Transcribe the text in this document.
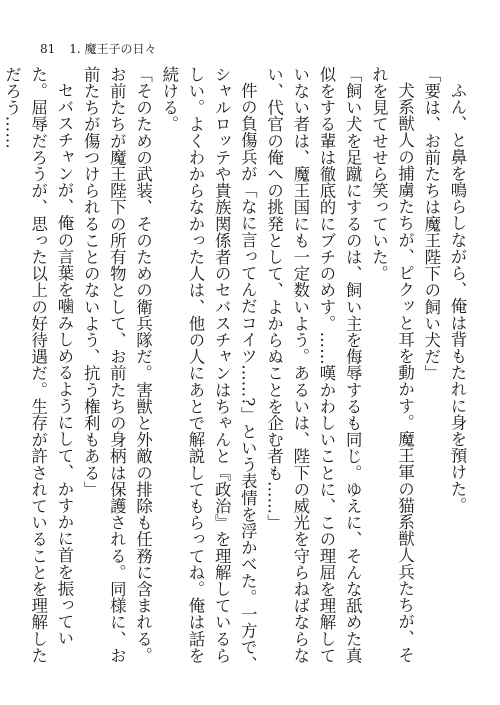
81 1. 魔王子の日々

ふん、と鼻を鳴らしながら、俺は背もたれに身を預けた。

「要は、お前たちは魔王陛下の飼い犬だ」

犬系獣人の捕虜たちが、ピクッと耳を動かす。魔王軍の猫系獣人兵たちが、それを見てせせら笑っていた。

「飼い犬を足蹴にするのは、飼い主を侮辱するも同じ。ゆえに、そんな舐めた真似をする輩は徹底的にブチのめす。……嘆かわしいことに、この理屈を理解していない者は、魔王国にも一定数いよう。あるいは、陛下の威光を守らねばならない、代官の俺への挑発として、よからぬことを企む者も……」

件の負傷兵が「なに言ってんだコイツ……?」という表情を浮かべた。一方で、シャルロッテや貴族関係者のセバスチャンはちゃんと『政治』を理解しているらしい。よくわからなかった人は、他の人にあとで解説してもらってね。俺は話を続ける。

「そのための武装、そのための衛兵隊だ。害獣と外敵の排除も任務に含まれる。お前たちが魔王陛下の所有物として、お前たちの身柄は保護される。同様に、お前たちが傷つけられることのないよう、抗う権利もある」

セバスチャンが、俺の言葉を噛みしめるようにして、かすかに首を振っていた。屈辱だろうが、思った以上の好待遇だ。生存が許されていることを理解しただろう……
